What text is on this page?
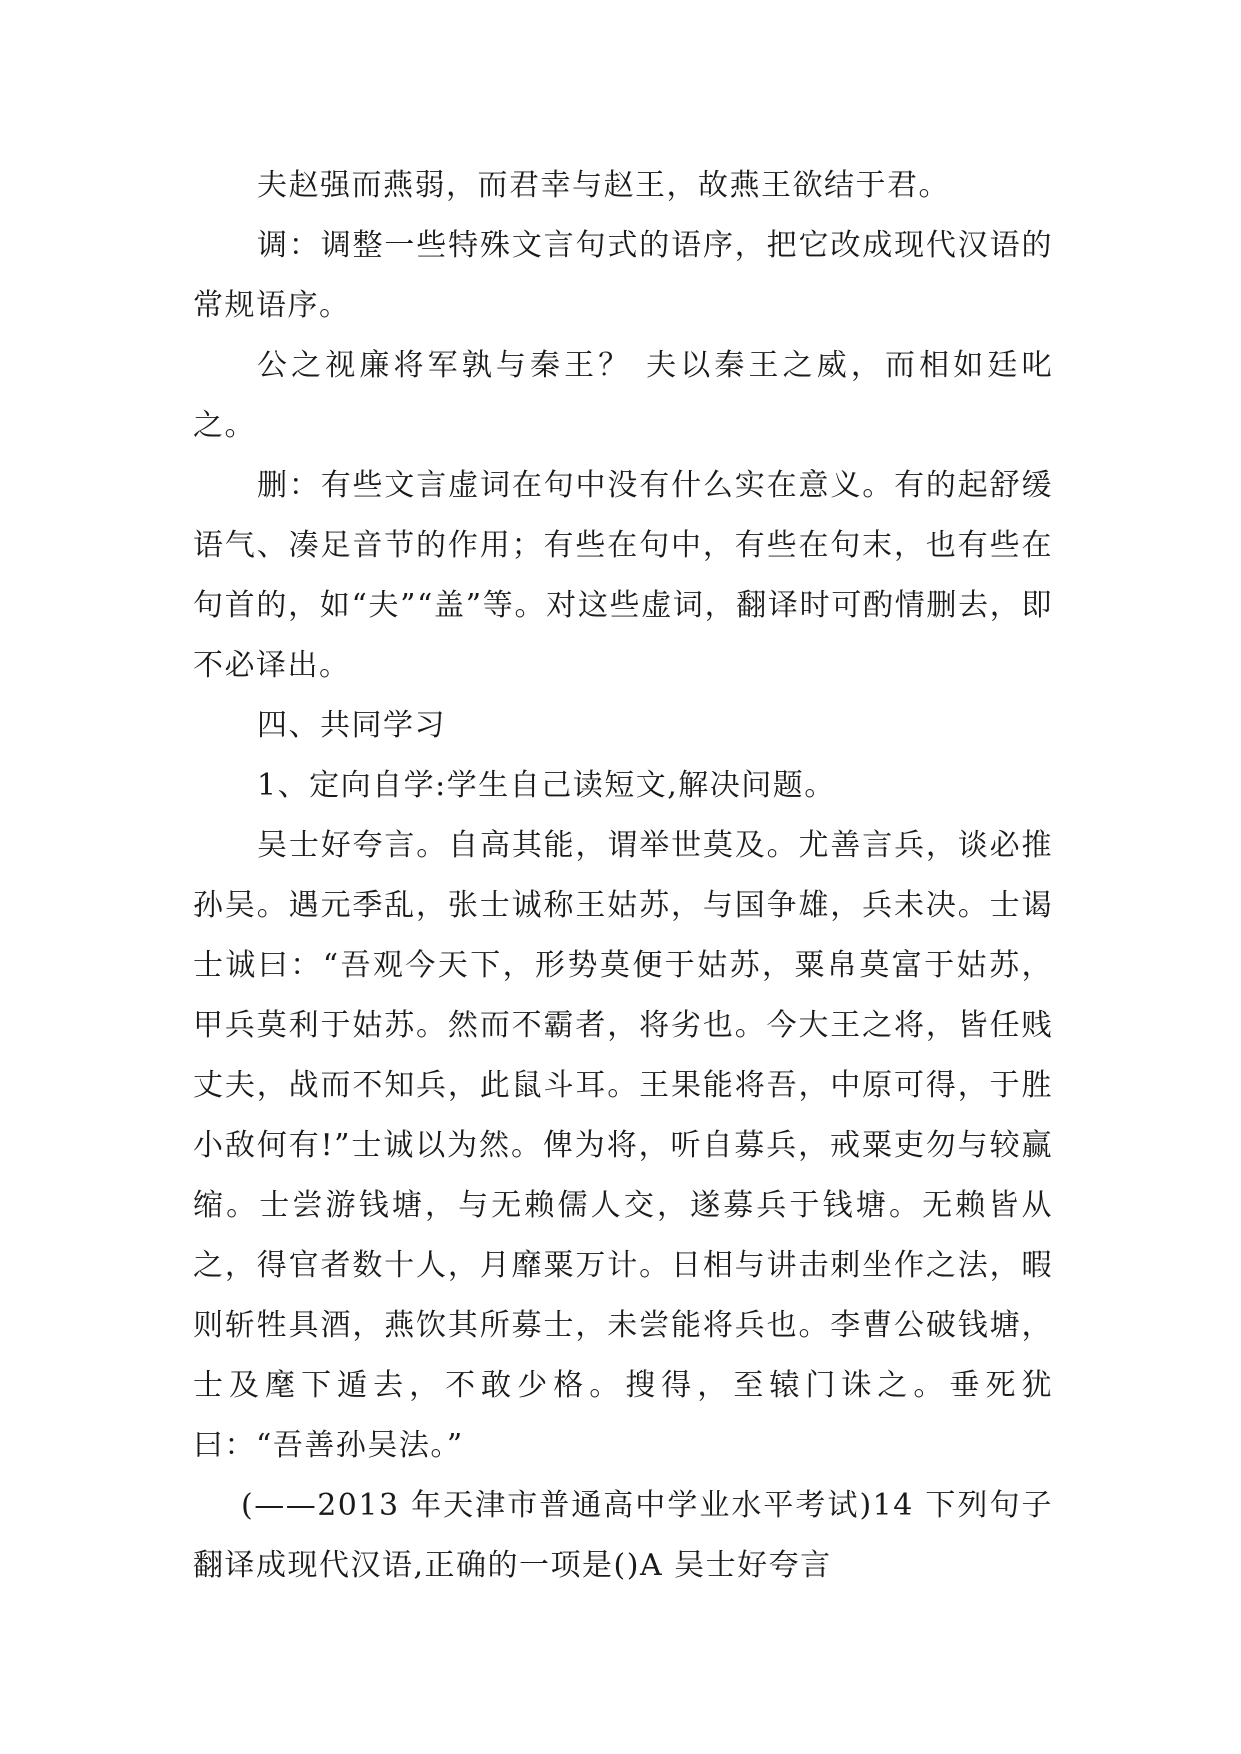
夫赵强而燕弱，而君幸与赵王，故燕王欲结于君。

调：调整一些特殊文言句式的语序，把它改成现代汉语的常规语序。

公之视廉将军孰与秦王？ 夫以秦王之威，而相如廷叱之。

删：有些文言虚词在句中没有什么实在意义。有的起舒缓语气、凑足音节的作用；有些在句中，有些在句末，也有些在句首的，如“夫”“盖”等。对这些虚词，翻译时可酌情删去，即不必译出。

四、共同学习

1、定向自学:学生自己读短文,解决问题。

吴士好夸言。自高其能，谓举世莫及。尤善言兵，谈必推孙吴。遇元季乱，张士诚称王姑苏，与国争雄，兵未决。士谒士诚曰：“吾观今天下，形势莫便于姑苏，粟帛莫富于姑苏，甲兵莫利于姑苏。然而不霸者，将劣也。今大王之将，皆任贱丈夫，战而不知兵，此鼠斗耳。王果能将吾，中原可得，于胜小敌何有!”士诚以为然。俾为将，听自募兵，戒粟吏勿与较赢缩。士尝游钱塘，与无赖儒人交，遂募兵于钱塘。无赖皆从之，得官者数十人，月靡粟万计。日相与讲击刺坐作之法，暇则斩牲具酒，燕饮其所募士，未尝能将兵也。李曹公破钱塘，士及麾下遁去，不敢少格。搜得，至辕门诛之。垂死犹曰：“吾善孙吴法。”

(——2013 年天津市普通高中学业水平考试)14 下列句子翻译成现代汉语,正确的一项是()A 吴士好夸言
